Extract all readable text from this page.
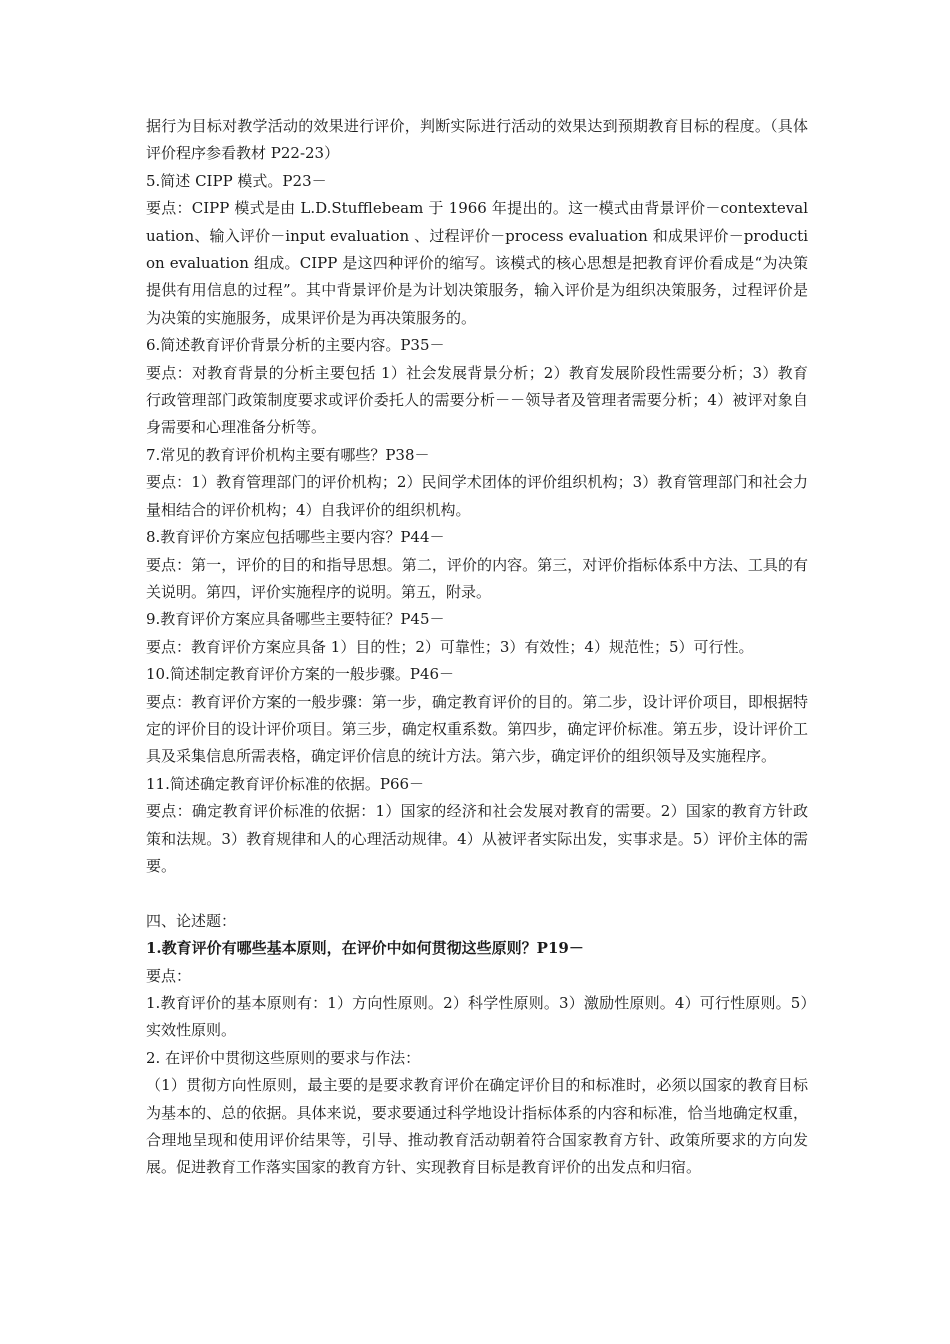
据行为目标对教学活动的效果进行评价，判断实际进行活动的效果达到预期教育目标的程度。（具体评价程序参看教材 P22-23）

5.简述 CIPP 模式。P23－

要点：CIPP 模式是由 L.D.Stufflebeam 于 1966 年提出的。这一模式由背景评价－contextevaluation、输入评价－input evaluation 、过程评价－process evaluation 和成果评价－production evaluation 组成。CIPP 是这四种评价的缩写。该模式的核心思想是把教育评价看成是“为决策提供有用信息的过程”。其中背景评价是为计划决策服务，输入评价是为组织决策服务，过程评价是为决策的实施服务，成果评价是为再决策服务的。

6.简述教育评价背景分析的主要内容。P35－

要点：对教育背景的分析主要包括 1）社会发展背景分析；2）教育发展阶段性需要分析；3）教育行政管理部门政策制度要求或评价委托人的需要分析－－领导者及管理者需要分析；4）被评对象自身需要和心理准备分析等。

7.常见的教育评价机构主要有哪些？P38－

要点：1）教育管理部门的评价机构；2）民间学术团体的评价组织机构；3）教育管理部门和社会力量相结合的评价机构；4）自我评价的组织机构。

8.教育评价方案应包括哪些主要内容？P44－

要点：第一，评价的目的和指导思想。第二，评价的内容。第三，对评价指标体系中方法、工具的有关说明。第四，评价实施程序的说明。第五，附录。

9.教育评价方案应具备哪些主要特征？P45－

要点：教育评价方案应具备 1）目的性；2）可靠性；3）有效性；4）规范性；5）可行性。

10.简述制定教育评价方案的一般步骤。P46－

要点：教育评价方案的一般步骤：第一步，确定教育评价的目的。第二步，设计评价项目，即根据特定的评价目的设计评价项目。第三步，确定权重系数。第四步，确定评价标准。第五步，设计评价工具及采集信息所需表格，确定评价信息的统计方法。第六步，确定评价的组织领导及实施程序。

11.简述确定教育评价标准的依据。P66－

要点：确定教育评价标准的依据：1）国家的经济和社会发展对教育的需要。2）国家的教育方针政策和法规。3）教育规律和人的心理活动规律。4）从被评者实际出发，实事求是。5）评价主体的需要。

四、论述题：

1.教育评价有哪些基本原则，在评价中如何贯彻这些原则？P19－

要点：

1.教育评价的基本原则有：1）方向性原则。2）科学性原则。3）激励性原则。4）可行性原则。5）实效性原则。

2. 在评价中贯彻这些原则的要求与作法：

（1）贯彻方向性原则，最主要的是要求教育评价在确定评价目的和标准时，必须以国家的教育目标为基本的、总的依据。具体来说，要求要通过科学地设计指标体系的内容和标准，恰当地确定权重，合理地呈现和使用评价结果等，引导、推动教育活动朝着符合国家教育方针、政策所要求的方向发展。促进教育工作落实国家的教育方针、实现教育目标是教育评价的出发点和归宿。
